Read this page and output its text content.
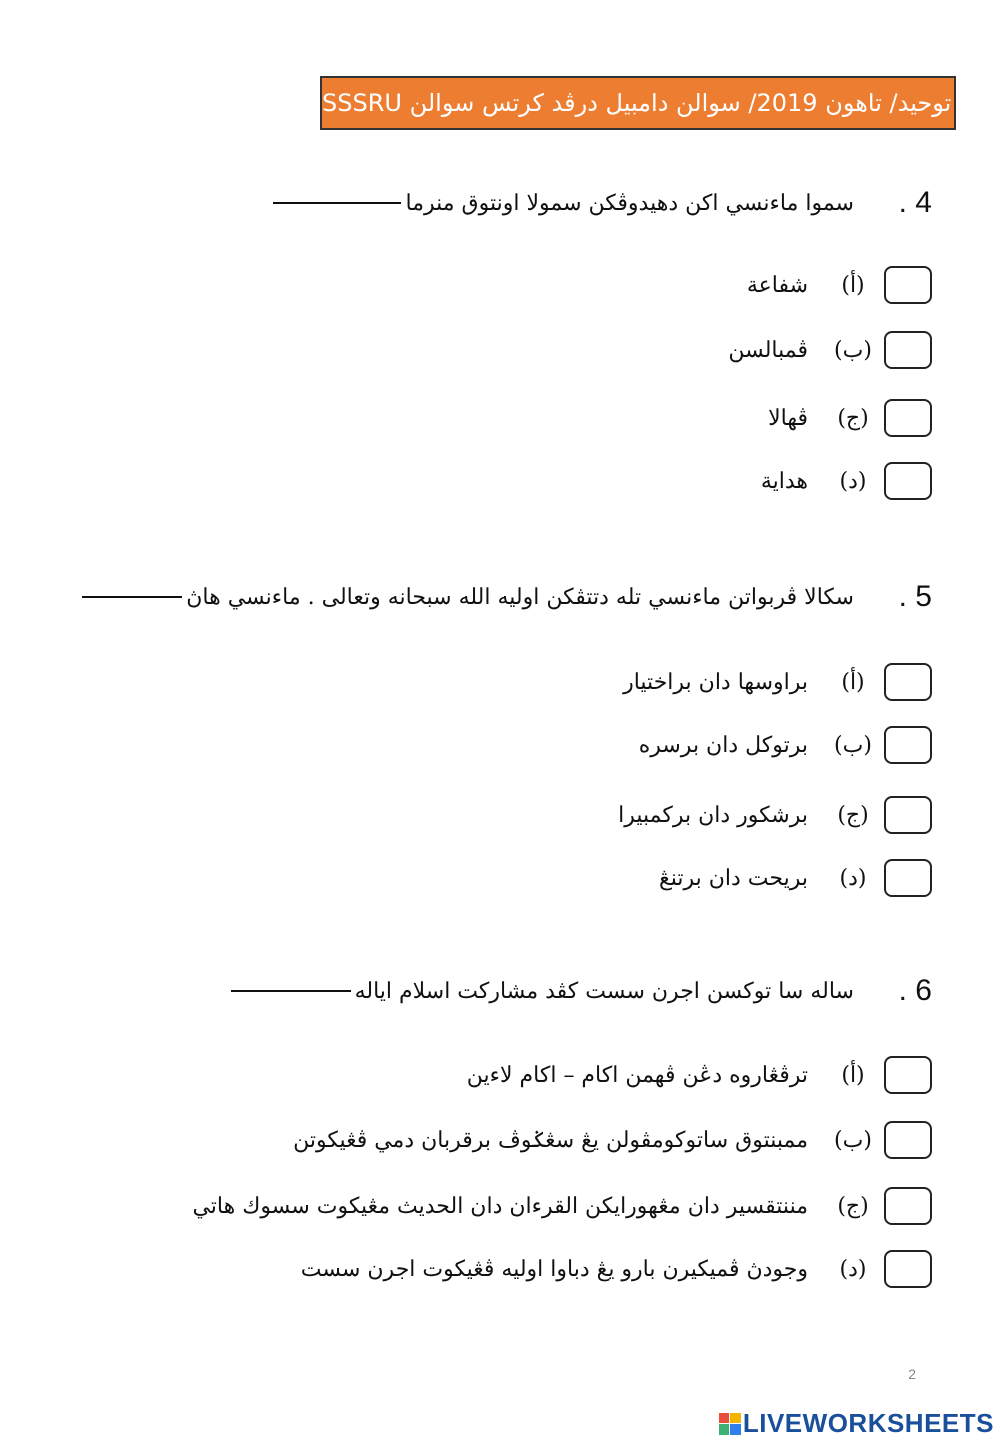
توحيد/ تاهون 2019/ سوالن دامبيل درڤد كرتس سوالن SSSRU
. 4
سموا ماءنسي اكن دهيدوڤكن سمولا اونتوق منرما
(أ)
شفاعة
(ب)
ڤمبالسن
(ج)
ڤهالا
(د)
هداية
. 5
سكالا ڤربواتن ماءنسي تله دتتڤكن اوليه الله سبحانه وتعالى . ماءنسي هاڽ
(أ)
براوسها دان براختيار
(ب)
برتوكل دان برسره
(ج)
برشكور دان بركمبيرا
(د)
بريحت دان برتنڠ
. 6
ساله سا توكسن اجرن سست كڤد مشاركت اسلام اياله
(أ)
ترڤڠاروه دڠن ڤهمن اكام – اكام لاءين
(ب)
ممبنتوق ساتوكومڤولن يڠ سڠݢوڤ برقربان دمي ڤڠيكوتن
(ج)
مننتقسير دان مڠهورايكن القرءان دان الحديث مڠيكوت سسوك هاتي
(د)
وجودڽ ڤميكيرن بارو يڠ دباوا اوليه ڤڠيكوت اجرن سست
2
LIVEWORKSHEETS
